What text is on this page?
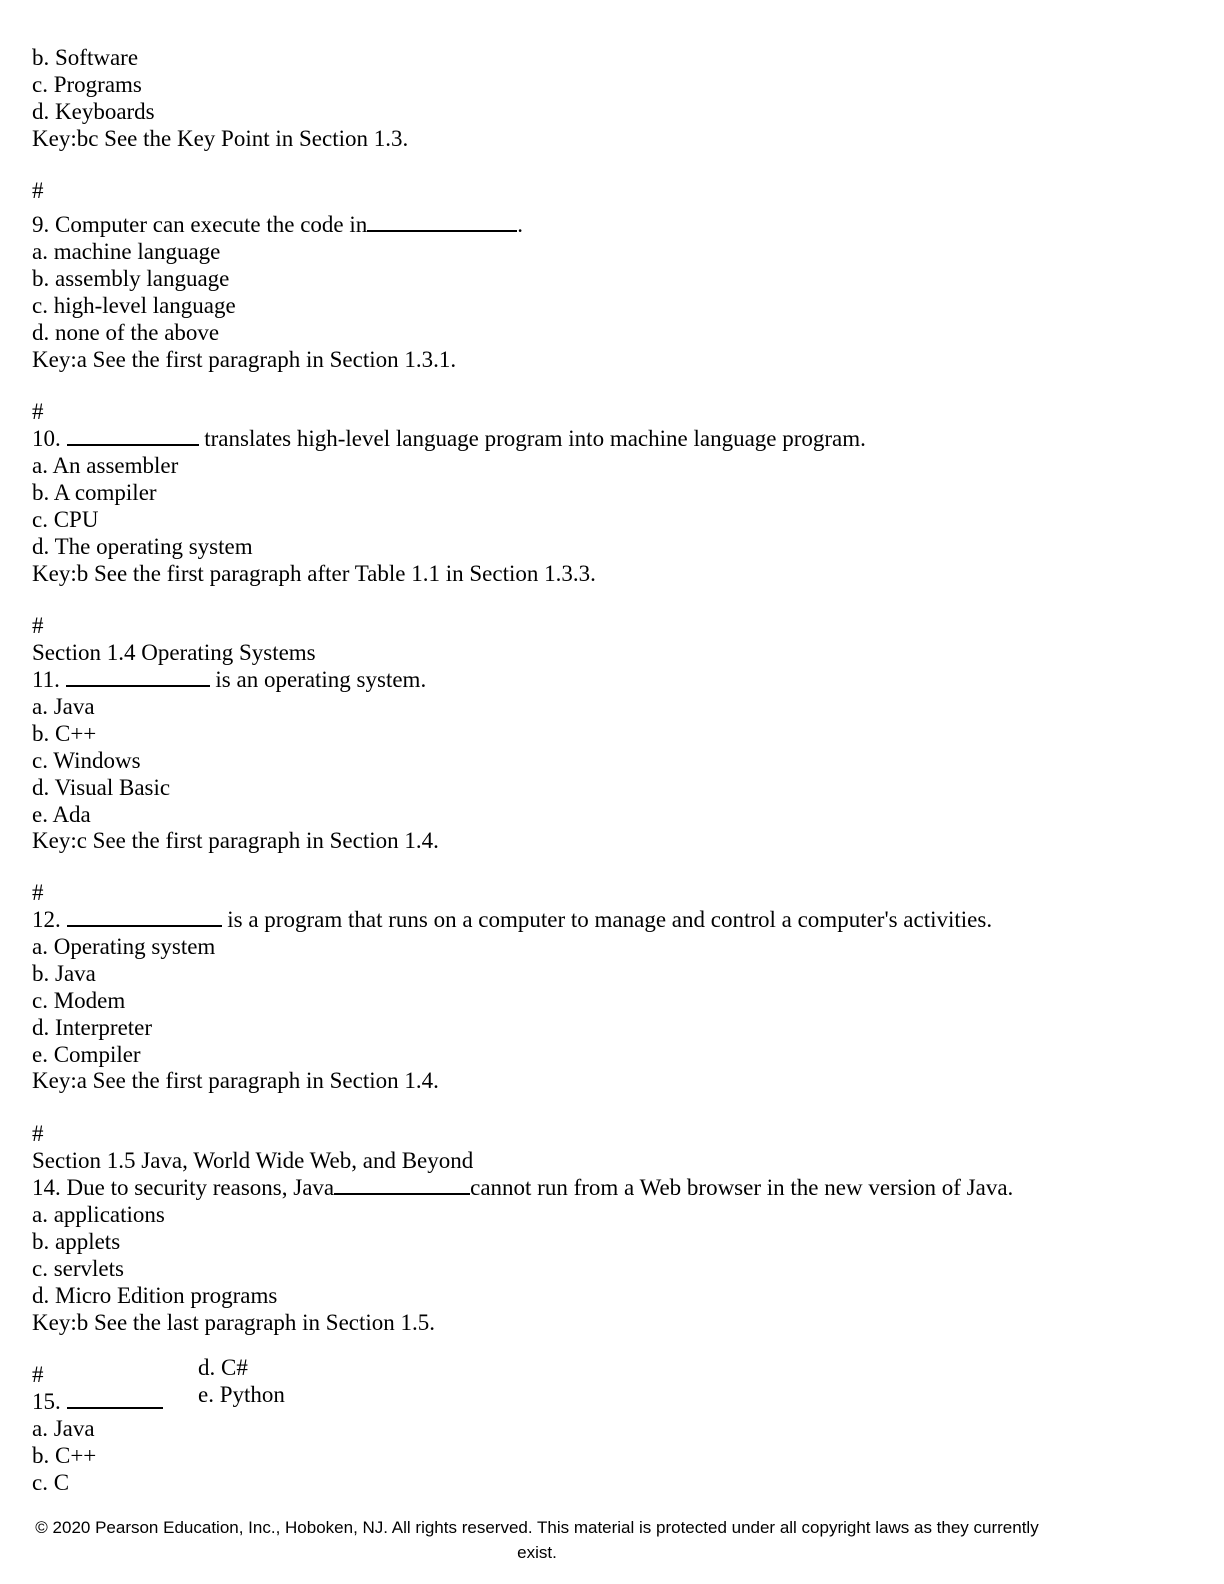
b. Software
c. Programs
d. Keyboards
Key:bc See the Key Point in Section 1.3.
#
9. Computer can execute the code in	.
a. machine language
b. assembly language
c. high-level language
d. none of the above
Key:a See the first paragraph in Section 1.3.1.
#
10.	translates high-level language program into machine language program.
a. An assembler
b. A compiler
c. CPU
d. The operating system
Key:b See the first paragraph after Table 1.1 in Section 1.3.3.
#
Section 1.4 Operating Systems
11.	is an operating system.
a. Java
b. C++
c. Windows
d. Visual Basic
e. Ada
Key:c See the first paragraph in Section 1.4.
#
12.	is a program that runs on a computer to manage and control a computer's activities.
a. Operating system
b. Java
c. Modem
d. Interpreter
e. Compiler
Key:a See the first paragraph in Section 1.4.
#
Section 1.5 Java, World Wide Web, and Beyond
14. Due to security reasons, Java	cannot run from a Web browser in the new version of Java.
a. applications
b. applets
c. servlets
d. Micro Edition programs
Key:b See the last paragraph in Section 1.5.
#
15.
a. Java
b. C++
c. C
d. C#
e. Python
© 2020 Pearson Education, Inc., Hoboken, NJ. All rights reserved. This material is protected under all copyright laws as they currently
exist.
